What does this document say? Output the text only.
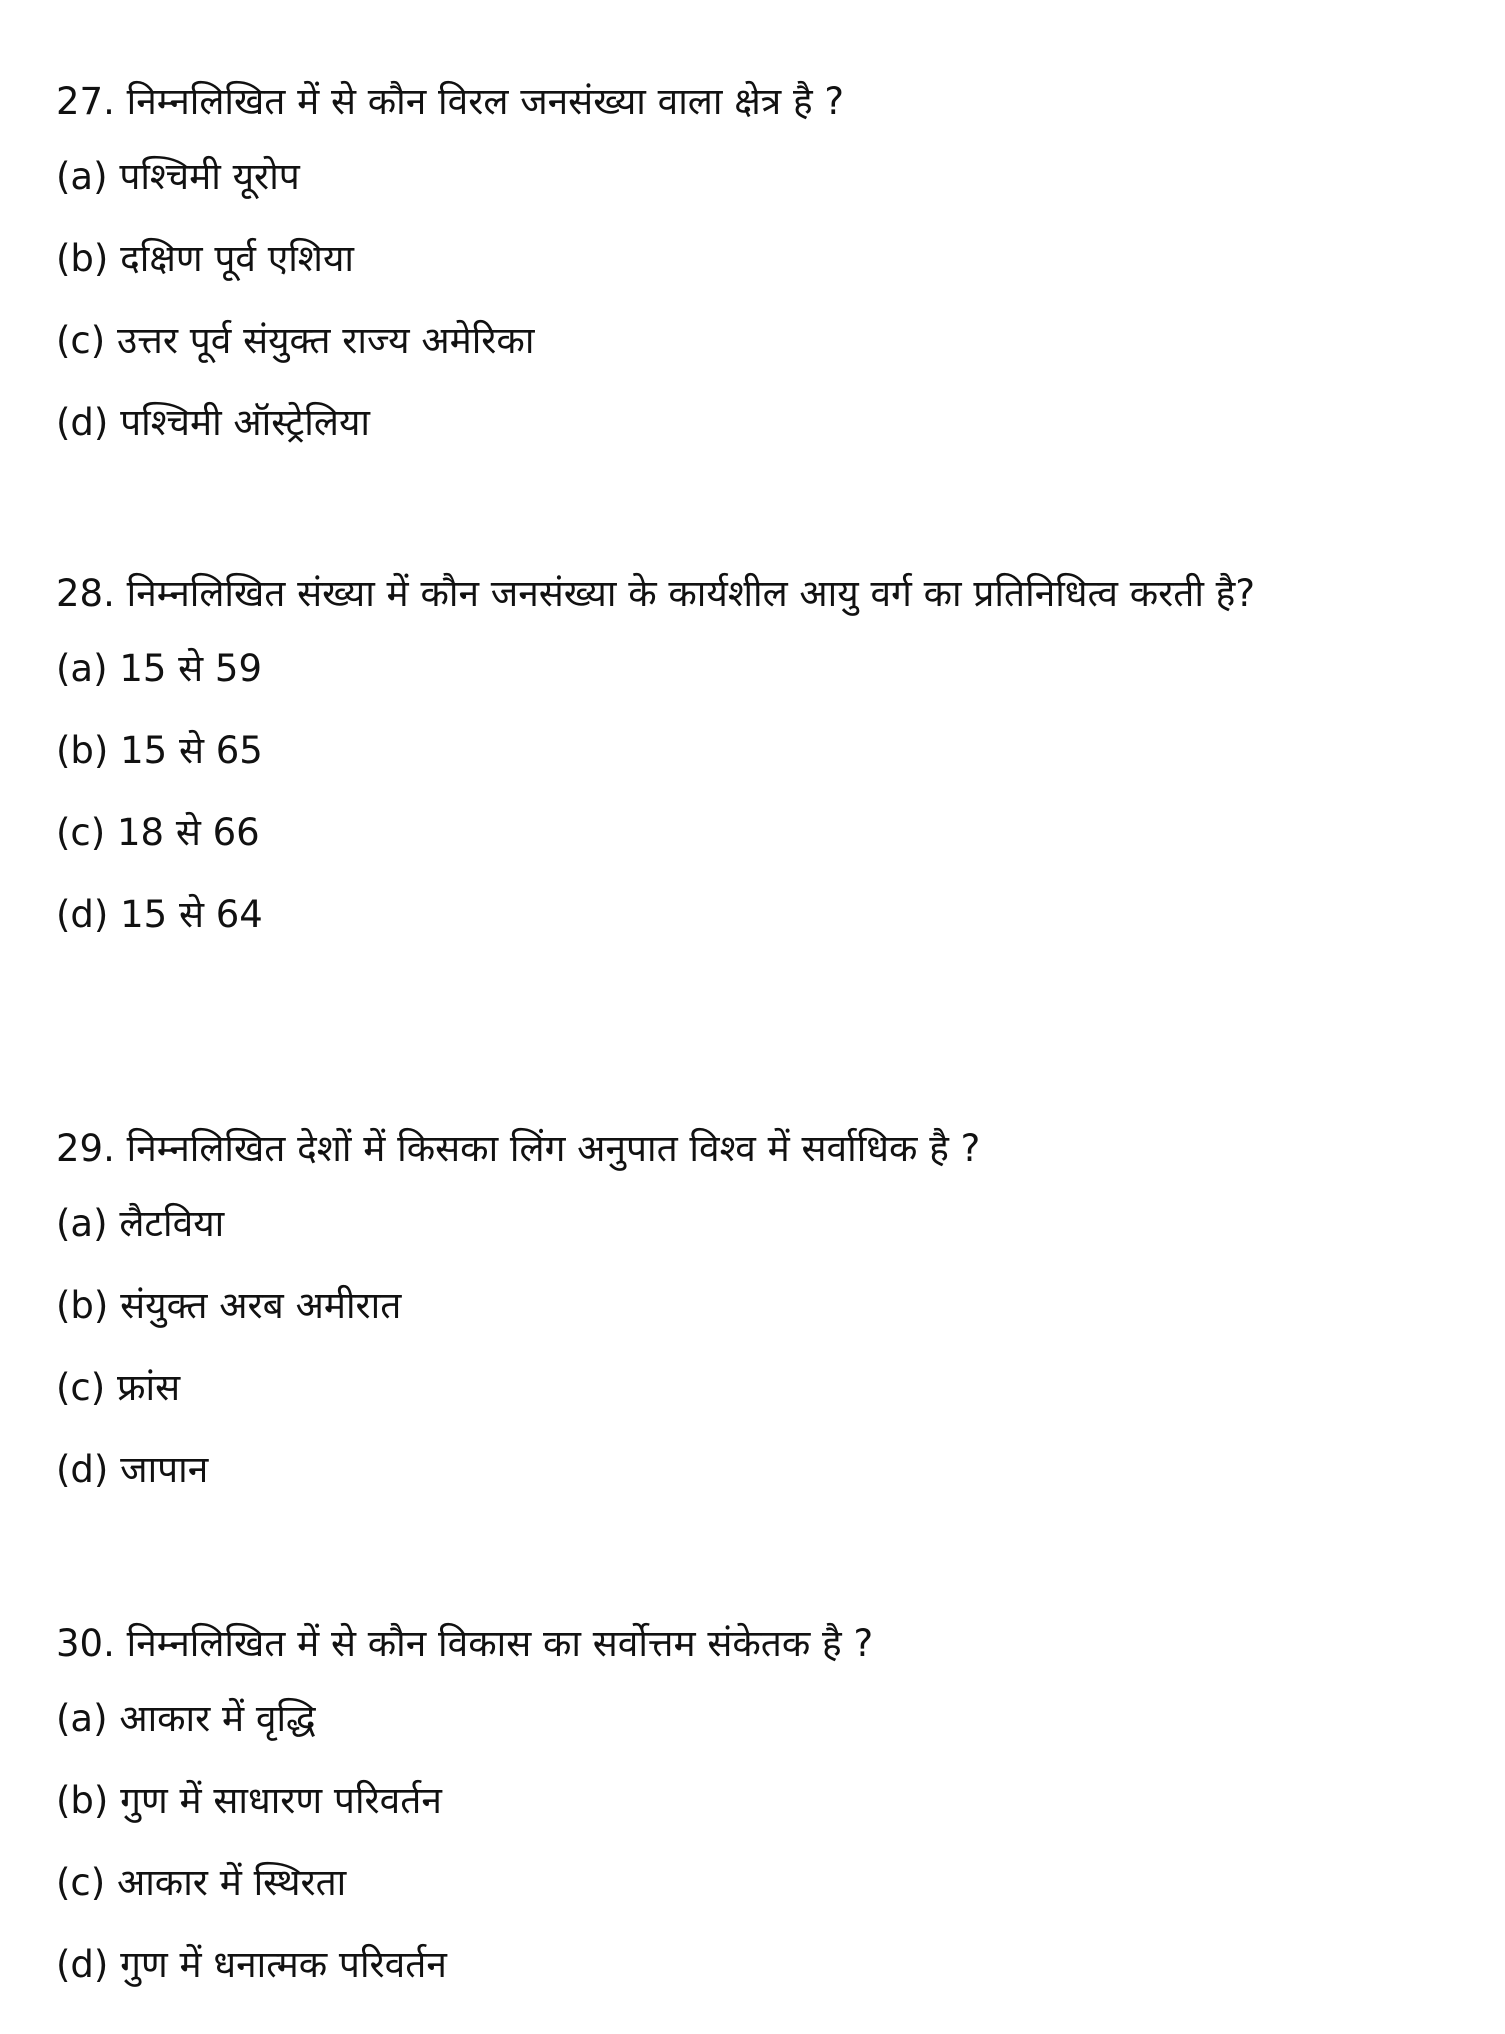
27. निम्नलिखित में से कौन विरल जनसंख्या वाला क्षेत्र है ?
(a) पश्चिमी यूरोप
(b) दक्षिण पूर्व एशिया
(c) उत्तर पूर्व संयुक्त राज्य अमेरिका
(d) पश्चिमी ऑस्ट्रेलिया
28. निम्नलिखित संख्या में कौन जनसंख्या के कार्यशील आयु वर्ग का प्रतिनिधित्व करती है?
(a) 15 से 59
(b) 15 से 65
(c) 18 से 66
(d) 15 से 64
29. निम्नलिखित देशों में किसका लिंग अनुपात विश्व में सर्वाधिक है ?
(a) लैटविया
(b) संयुक्त अरब अमीरात
(c) फ्रांस
(d) जापान
30. निम्नलिखित में से कौन विकास का सर्वोत्तम संकेतक है ?
(a) आकार में वृद्धि
(b) गुण में साधारण परिवर्तन
(c) आकार में स्थिरता
(d) गुण में धनात्मक परिवर्तन
